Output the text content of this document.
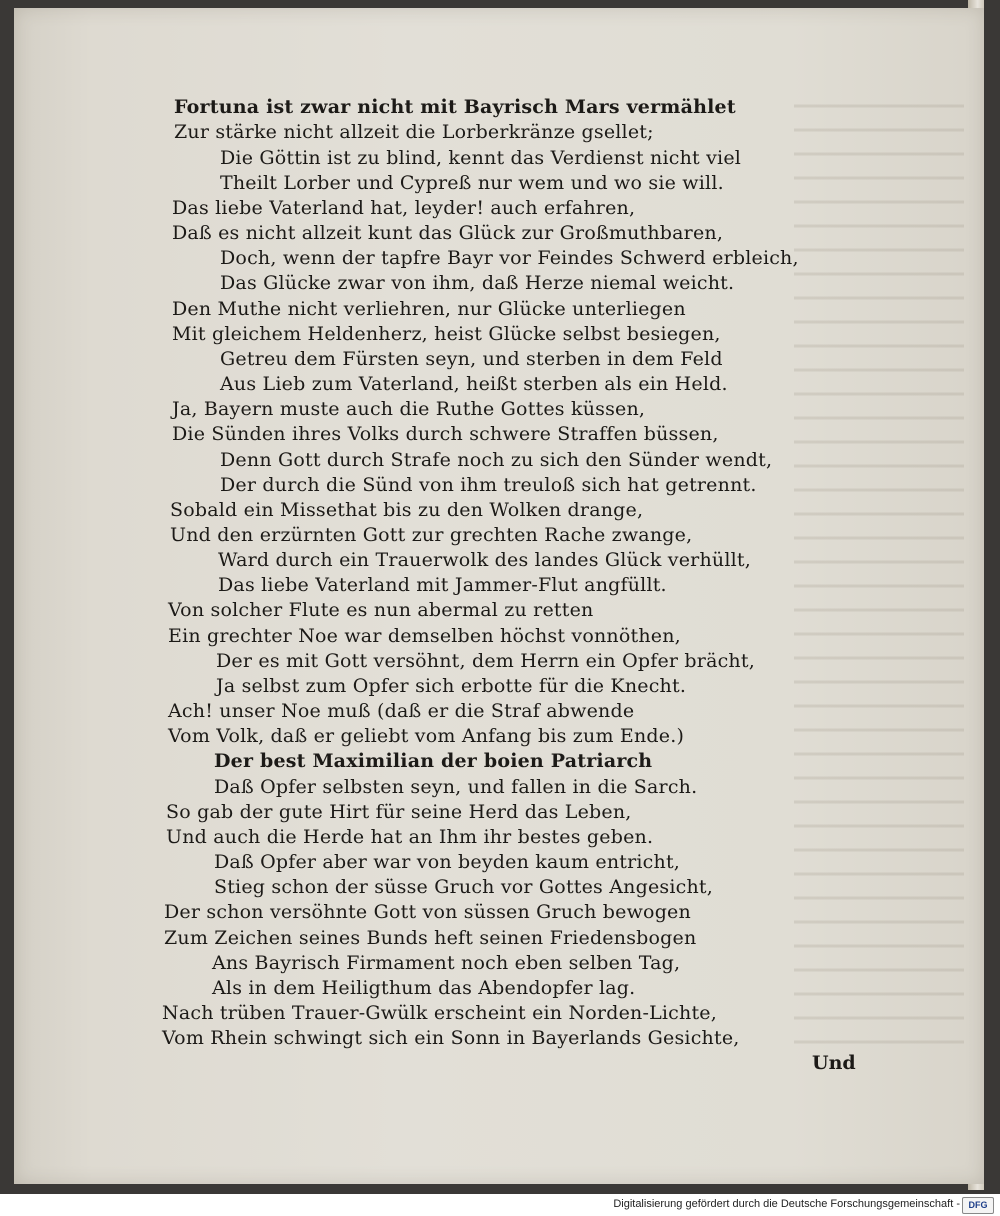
Fortuna ist zwar nicht mit Bayrisch Mars vermählet
Zur stärke nicht allzeit die Lorberkränze gsellet;
Die Göttin ist zu blind, kennt das Verdienst nicht viel
Theilt Lorber und Cypreß nur wem und wo sie will.
Das liebe Vaterland hat, leyder! auch erfahren,
Daß es nicht allzeit kunt das Glück zur Großmuthbaren,
Doch, wenn der tapfre Bayr vor Feindes Schwerd erbleich,
Das Glücke zwar von ihm, daß Herze niemal weicht.
Den Muthe nicht verliehren, nur Glücke unterliegen
Mit gleichem Heldenherz, heist Glücke selbst besiegen,
Getreu dem Fürsten seyn, und sterben in dem Feld
Aus Lieb zum Vaterland, heißt sterben als ein Held.
Ja, Bayern muste auch die Ruthe Gottes küssen,
Die Sünden ihres Volks durch schwere Straffen büssen,
Denn Gott durch Strafe noch zu sich den Sünder wendt,
Der durch die Sünd von ihm treuloß sich hat getrennt.
Sobald ein Missethat bis zu den Wolken drange,
Und den erzürnten Gott zur grechten Rache zwange,
Ward durch ein Trauerwolk des landes Glück verhüllt,
Das liebe Vaterland mit Jammer-Flut angfüllt.
Von solcher Flute es nun abermal zu retten
Ein grechter Noe war demselben höchst vonnöthen,
Der es mit Gott versöhnt, dem Herrn ein Opfer brächt,
Ja selbst zum Opfer sich erbotte für die Knecht.
Ach! unser Noe muß (daß er die Straf abwende
Vom Volk, daß er geliebt vom Anfang bis zum Ende.)
Der best Maximilian der boien Patriarch
Daß Opfer selbsten seyn, und fallen in die Sarch.
So gab der gute Hirt für seine Herd das Leben,
Und auch die Herde hat an Ihm ihr bestes geben.
Daß Opfer aber war von beyden kaum entricht,
Stieg schon der süsse Gruch vor Gottes Angesicht,
Der schon versöhnte Gott von süssen Gruch bewogen
Zum Zeichen seines Bunds heft seinen Friedensbogen
Ans Bayrisch Firmament noch eben selben Tag,
Als in dem Heiligthum das Abendopfer lag.
Nach trüben Trauer-Gwülk erscheint ein Norden-Lichte,
Vom Rhein schwingt sich ein Sonn in Bayerlands Gesichte,
Und
Digitalisierung gefördert durch die Deutsche Forschungsgemeinschaft - DFG
